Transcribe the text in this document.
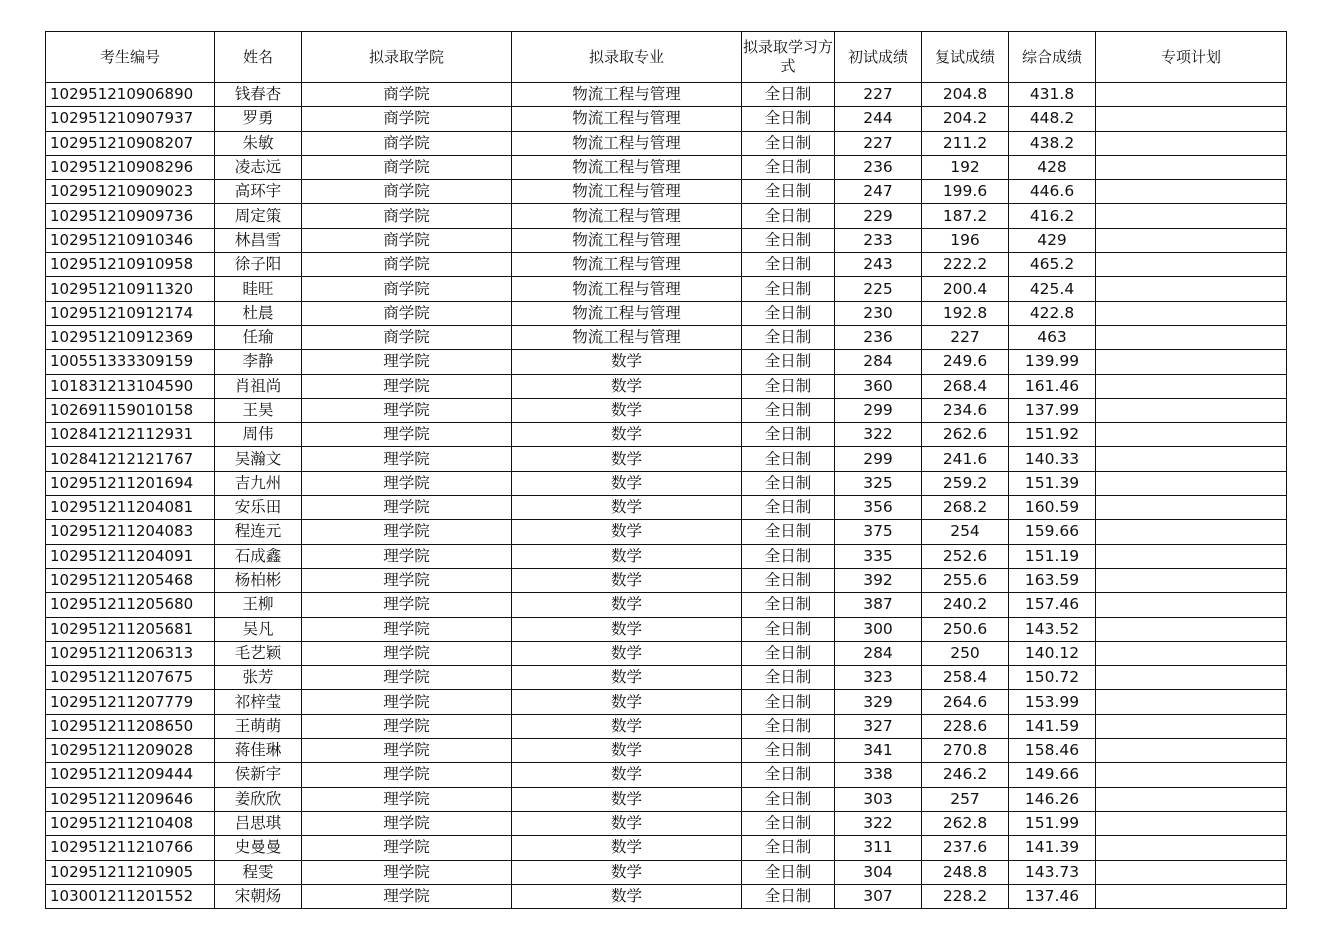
考生编号	姓名	拟录取学院	拟录取专业	拟录取学习方式	初试成绩	复试成绩	综合成绩	专项计划
102951210906890	钱春杏	商学院	物流工程与管理	全日制	227	204.8	431.8	
102951210907937	罗勇	商学院	物流工程与管理	全日制	244	204.2	448.2	
102951210908207	朱敏	商学院	物流工程与管理	全日制	227	211.2	438.2	
102951210908296	凌志远	商学院	物流工程与管理	全日制	236	192	428	
102951210909023	高环宇	商学院	物流工程与管理	全日制	247	199.6	446.6	
102951210909736	周定策	商学院	物流工程与管理	全日制	229	187.2	416.2	
102951210910346	林昌雪	商学院	物流工程与管理	全日制	233	196	429	
102951210910958	徐子阳	商学院	物流工程与管理	全日制	243	222.2	465.2	
102951210911320	眭旺	商学院	物流工程与管理	全日制	225	200.4	425.4	
102951210912174	杜晨	商学院	物流工程与管理	全日制	230	192.8	422.8	
102951210912369	任瑜	商学院	物流工程与管理	全日制	236	227	463	
100551333309159	李静	理学院	数学	全日制	284	249.6	139.99	
101831213104590	肖祖尚	理学院	数学	全日制	360	268.4	161.46	
102691159010158	王昊	理学院	数学	全日制	299	234.6	137.99	
102841212112931	周伟	理学院	数学	全日制	322	262.6	151.92	
102841212121767	吴瀚文	理学院	数学	全日制	299	241.6	140.33	
102951211201694	吉九州	理学院	数学	全日制	325	259.2	151.39	
102951211204081	安乐田	理学院	数学	全日制	356	268.2	160.59	
102951211204083	程连元	理学院	数学	全日制	375	254	159.66	
102951211204091	石成鑫	理学院	数学	全日制	335	252.6	151.19	
102951211205468	杨柏彬	理学院	数学	全日制	392	255.6	163.59	
102951211205680	王柳	理学院	数学	全日制	387	240.2	157.46	
102951211205681	吴凡	理学院	数学	全日制	300	250.6	143.52	
102951211206313	毛艺颖	理学院	数学	全日制	284	250	140.12	
102951211207675	张芳	理学院	数学	全日制	323	258.4	150.72	
102951211207779	祁梓莹	理学院	数学	全日制	329	264.6	153.99	
102951211208650	王萌萌	理学院	数学	全日制	327	228.6	141.59	
102951211209028	蒋佳琳	理学院	数学	全日制	341	270.8	158.46	
102951211209444	侯新宇	理学院	数学	全日制	338	246.2	149.66	
102951211209646	姜欣欣	理学院	数学	全日制	303	257	146.26	
102951211210408	吕思琪	理学院	数学	全日制	322	262.8	151.99	
102951211210766	史曼曼	理学院	数学	全日制	311	237.6	141.39	
102951211210905	程雯	理学院	数学	全日制	304	248.8	143.73	
103001211201552	宋朝炀	理学院	数学	全日制	307	228.2	137.46	
